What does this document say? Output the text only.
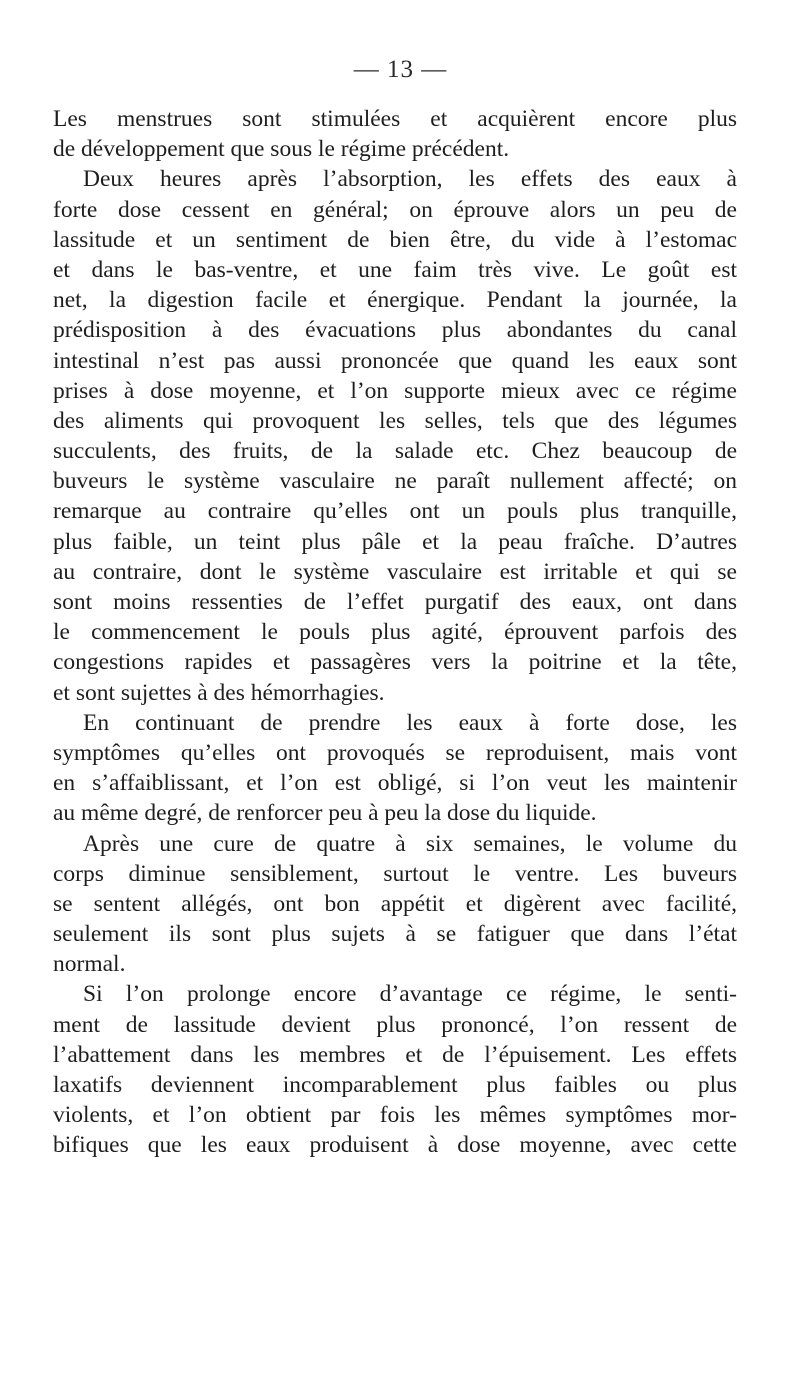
— 13 —
Les menstrues sont stimulées et acquièrent encore plus
de développement que sous le régime précédent.
Deux heures après l’absorption, les effets des eaux à
forte dose cessent en général; on éprouve alors un peu de
lassitude et un sentiment de bien être, du vide à l’estomac
et dans le bas-ventre, et une faim très vive. Le goût est
net, la digestion facile et énergique. Pendant la journée, la
prédisposition à des évacuations plus abondantes du canal
intestinal n’est pas aussi prononcée que quand les eaux sont
prises à dose moyenne, et l’on supporte mieux avec ce régime
des aliments qui provoquent les selles, tels que des légumes
succulents, des fruits, de la salade etc. Chez beaucoup de
buveurs le système vasculaire ne paraît nullement affecté; on
remarque au contraire qu’elles ont un pouls plus tranquille,
plus faible, un teint plus pâle et la peau fraîche. D’autres
au contraire, dont le système vasculaire est irritable et qui se
sont moins ressenties de l’effet purgatif des eaux, ont dans
le commencement le pouls plus agité, éprouvent parfois des
congestions rapides et passagères vers la poitrine et la tête,
et sont sujettes à des hémorrhagies.
En continuant de prendre les eaux à forte dose, les
symptômes qu’elles ont provoqués se reproduisent, mais vont
en s’affaiblissant, et l’on est obligé, si l’on veut les maintenir
au même degré, de renforcer peu à peu la dose du liquide.
Après une cure de quatre à six semaines, le volume du
corps diminue sensiblement, surtout le ventre. Les buveurs
se sentent allégés, ont bon appétit et digèrent avec facilité,
seulement ils sont plus sujets à se fatiguer que dans l’état
normal.
Si l’on prolonge encore d’avantage ce régime, le senti-
ment de lassitude devient plus prononcé, l’on ressent de
l’abattement dans les membres et de l’épuisement. Les effets
laxatifs deviennent incomparablement plus faibles ou plus
violents, et l’on obtient par fois les mêmes symptômes mor-
bifiques que les eaux produisent à dose moyenne, avec cette
